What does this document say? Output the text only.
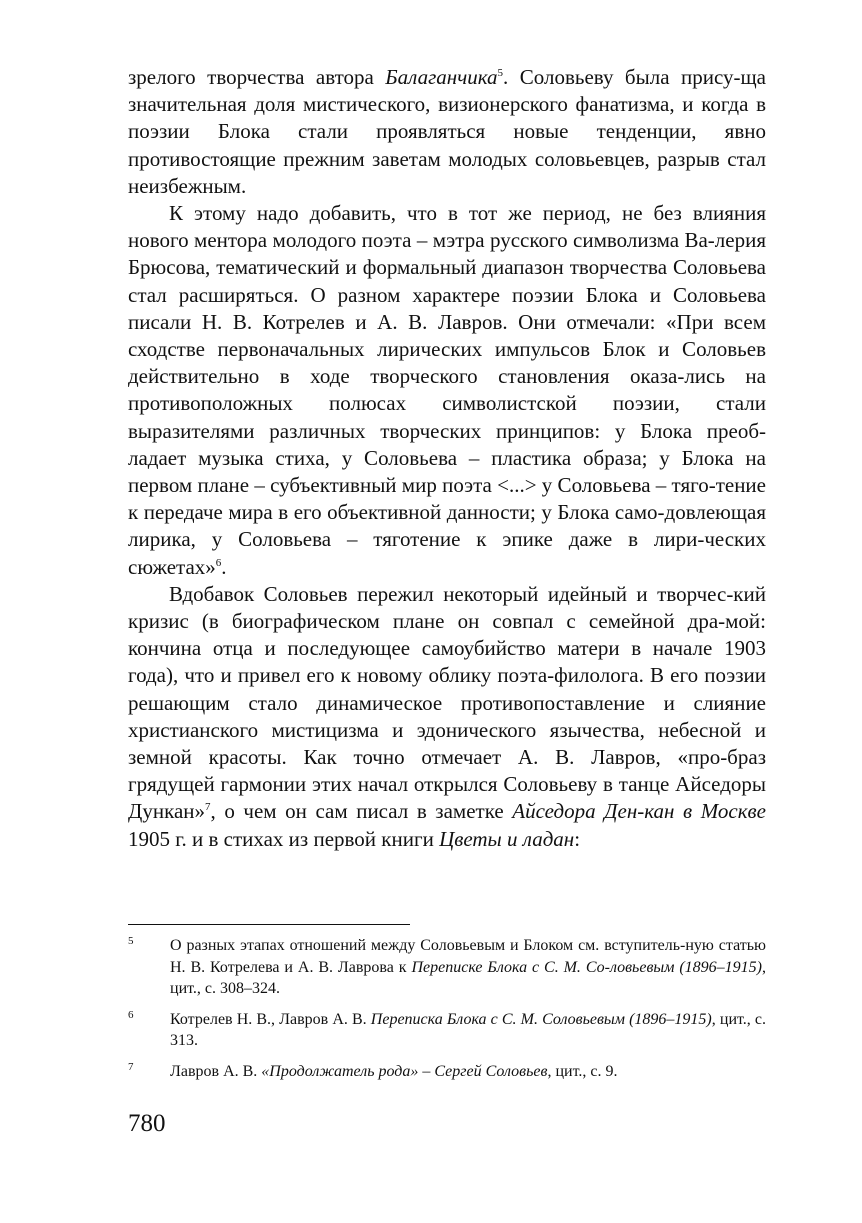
зрелого творчества автора Балаганчика$^5$. Соловьеву была прису-ща значительная доля мистического, визионерского фанатизма, и когда в поэзии Блока стали проявляться новые тенденции, явно противостоящие прежним заветам молодых соловьевцев, разрыв стал неизбежным.

К этому надо добавить, что в тот же период, не без влияния нового ментора молодого поэта – мэтра русского символизма Ва-лерия Брюсова, тематический и формальный диапазон творчества Соловьева стал расширяться. О разном характере поэзии Блока и Соловьева писали Н. В. Котрелев и А. В. Лавров. Они отмечали: «При всем сходстве первоначальных лирических импульсов Блок и Соловьев действительно в ходе творческого становления оказа-лись на противоположных полюсах символистской поэзии, стали выразителями различных творческих принципов: у Блока преоб-ладает музыка стиха, у Соловьева – пластика образа; у Блока на первом плане – субъективный мир поэта <...> у Соловьева – тяго-тение к передаче мира в его объективной данности; у Блока само-довлеющая лирика, у Соловьева – тяготение к эпике даже в лири-ческих сюжетах»$^6$.

Вдобавок Соловьев пережил некоторый идейный и творчес-кий кризис (в биографическом плане он совпал с семейной дра-мой: кончина отца и последующее самоубийство матери в начале 1903 года), что и привел его к новому облику поэта-филолога. В его поэзии решающим стало динамическое противопоставление и слияние христианского мистицизма и эдонического язычества, небесной и земной красоты. Как точно отмечает А. В. Лавров, «про-браз грядущей гармонии этих начал открылся Соловьеву в танце Айседоры Дункан»$^7$, о чем он сам писал в заметке Айседора Ден-кан в Москве 1905 г. и в стихах из первой книги Цветы и ладан:

5 О разных этапах отношений между Соловьевым и Блоком см. вступитель-ную статью Н. В. Котрелева и А. В. Лаврова к Переписке Блока с С. М. Со-ловьевым (1896–1915), цит., с. 308–324.
6 Котрелев Н. В., Лавров А. В. Переписка Блока с С. М. Соловьевым (1896–1915), цит., с. 313.
7 Лавров А. В. «Продолжатель рода» – Сергей Соловьев, цит., с. 9.
780
